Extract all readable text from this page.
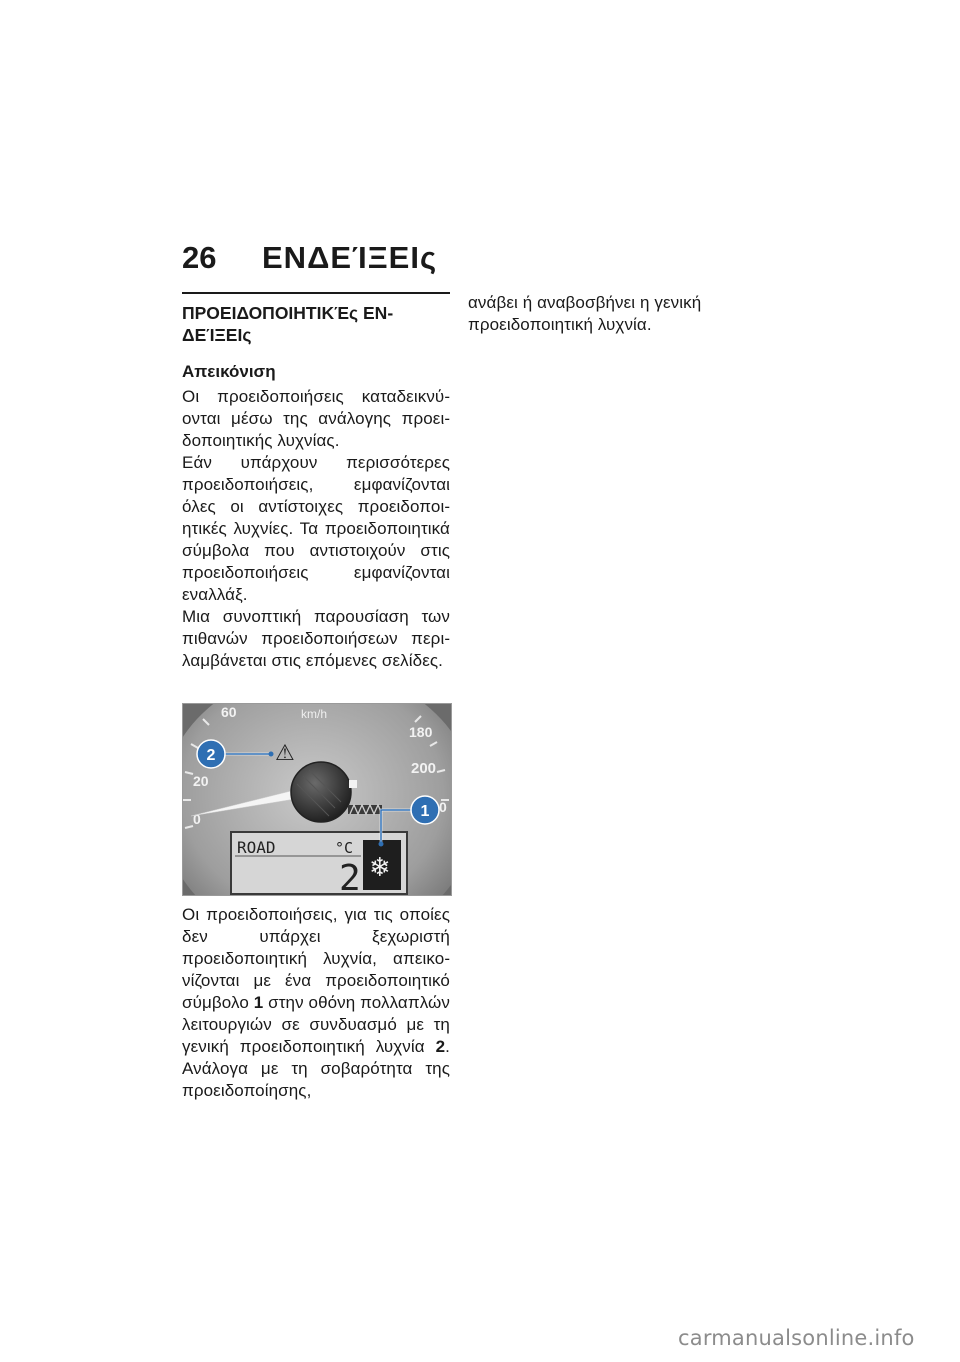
26 ΕΝΔΕΊΞΕΙς
ΠΡΟΕΙΔΟΠΟΙΗΤΙΚΈς ΕΝ-ΔΕΊΞΕΙς
Απεικόνιση

Οι προειδοποιήσεις καταδεικνύονται μέσω της ανάλογης προειδοποιητικής λυχνίας.

Εάν υπάρχουν περισσότερες προειδοποιήσεις, εμφανίζονται όλες οι αντίστοιχες προειδοποιητικές λυχνίες. Τα προειδοποιητικά σύμβολα που αντιστοιχούν στις προειδοποιήσεις εμφανίζονται εναλλάξ.

Μια συνοπτική παρουσίαση των πιθανών προειδοποιήσεων περιλαμβάνεται στις επόμενες σελίδες.

60
20
0
180
200
0
km/h
⚠
ROAD	°C
2 ❄
2
1

Οι προειδοποιήσεις, για τις οποίες δεν υπάρχει ξεχωριστή προειδοποιητική λυχνία, απεικονίζονται με ένα προειδοποιητικό σύμβολο 1 στην οθόνη πολλαπλών λειτουργιών σε συνδυασμό με τη γενική προειδοποιητική λυχνία 2. Ανάλογα με τη σοβαρότητα της προειδοποίησης,

ανάβει ή αναβοσβήνει η γενική προειδοποιητική λυχνία.

carmanualsonline.info
